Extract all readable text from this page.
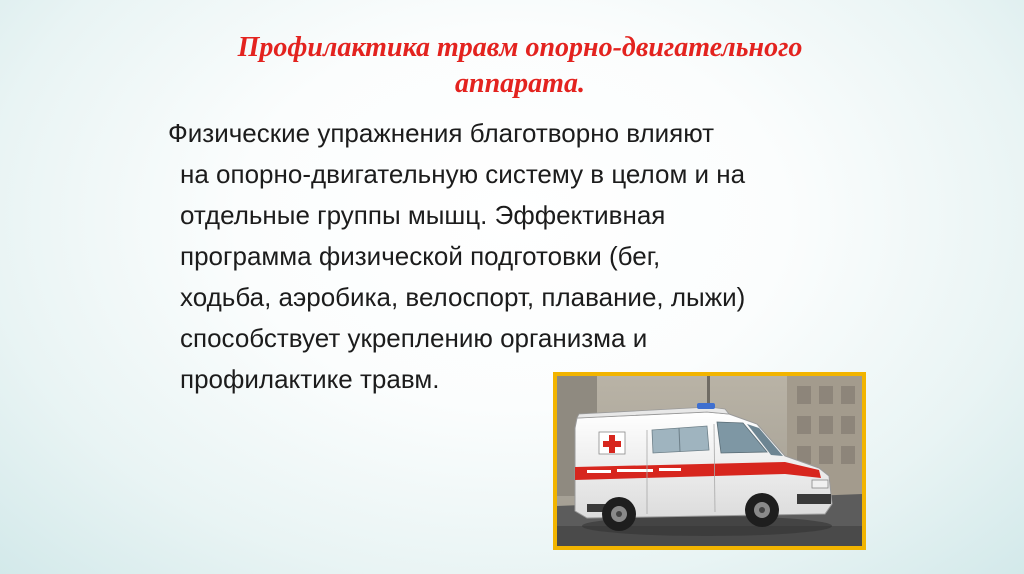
Профилактика травм опорно-двигательного
аппарата.

Физические упражнения благотворно влияют
на опорно-двигательную систему в целом и на
отдельные группы мышц. Эффективная
программа физической подготовки (бег,
ходьба, аэробика, велоспорт, плавание, лыжи)
способствует укреплению организма и
профилактике травм.
